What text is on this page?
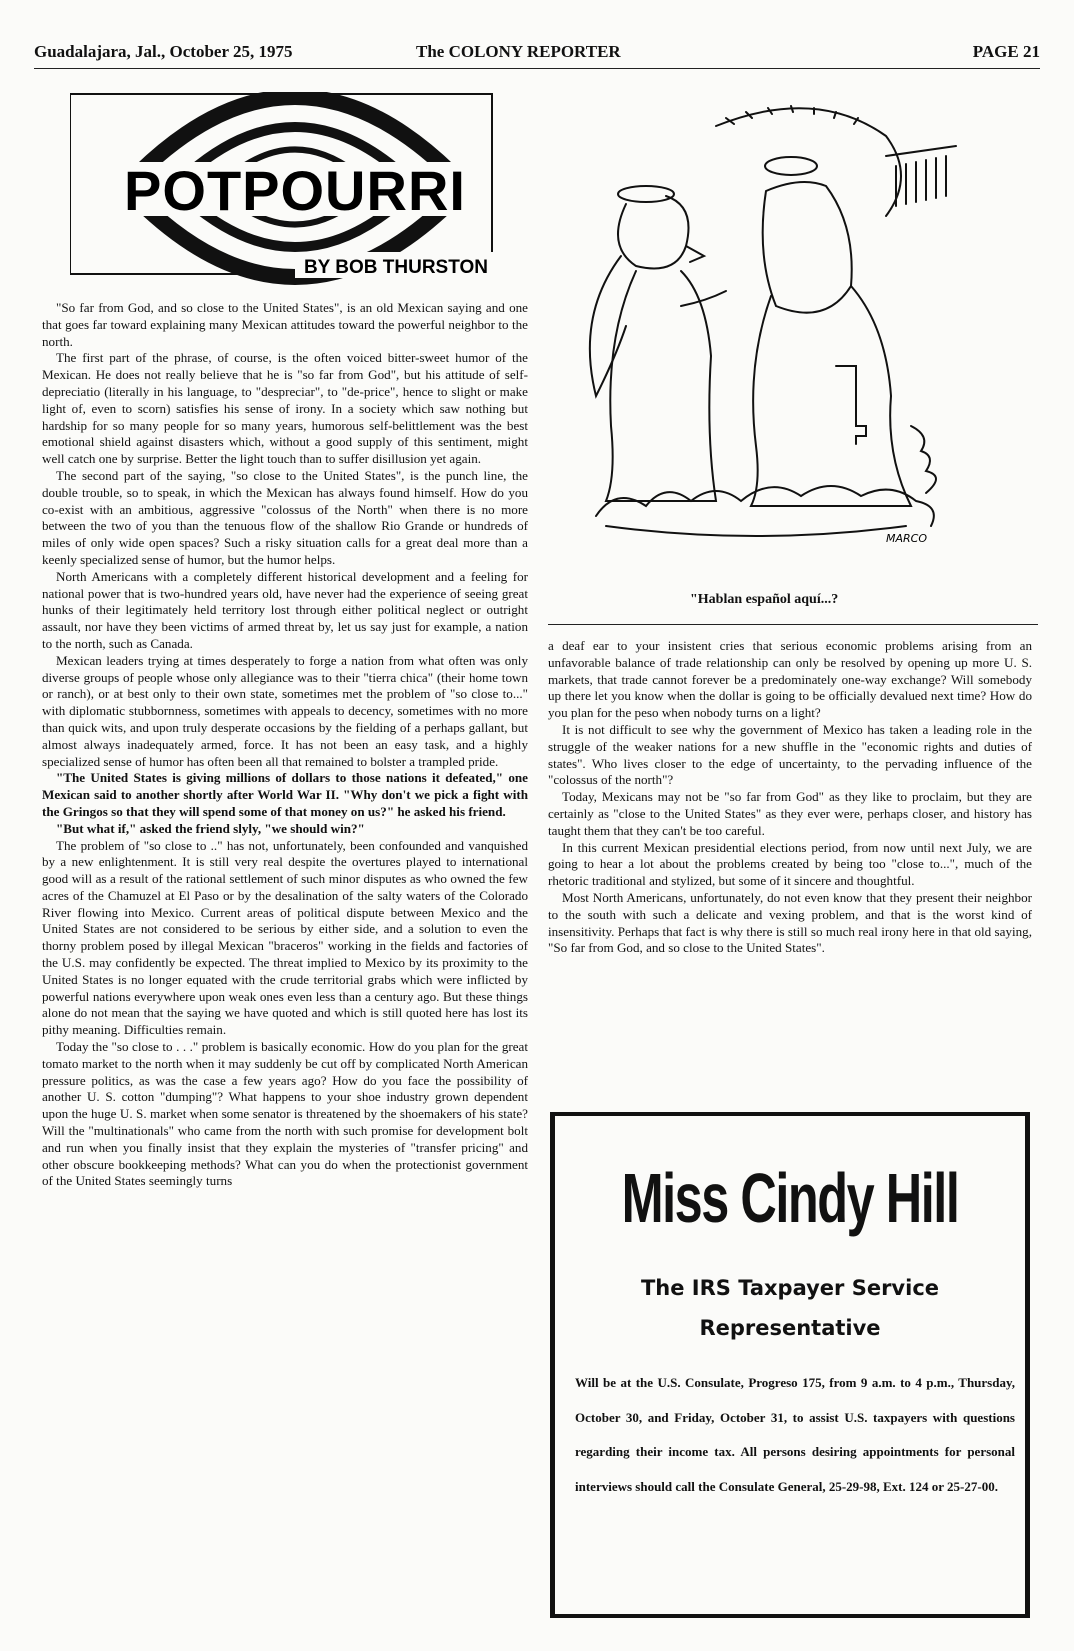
Guadalajara, Jal., October 25, 1975	The COLONY REPORTER	PAGE 21
POTPOURRI
BY BOB THURSTON

"So far from God, and so close to the United States", is an old Mexican saying and one that goes far toward explaining many Mexican attitudes toward the powerful neighbor to the north.

The first part of the phrase, of course, is the often voiced bitter-sweet humor of the Mexican. He does not really believe that he is "so far from God", but his attitude of self-depreciatio (literally in his language, to "despreciar", to "de-price", hence to slight or make light of, even to scorn) satisfies his sense of irony. In a society which saw nothing but hardship for so many people for so many years, humorous self-belittlement was the best emotional shield against disasters which, without a good supply of this sentiment, might well catch one by surprise. Better the light touch than to suffer disillusion yet again.

The second part of the saying, "so close to the United States", is the punch line, the double trouble, so to speak, in which the Mexican has always found himself. How do you co-exist with an ambitious, aggressive "colossus of the North" when there is no more between the two of you than the tenuous flow of the shallow Rio Grande or hundreds of miles of only wide open spaces? Such a risky situation calls for a great deal more than a keenly specialized sense of humor, but the humor helps.

North Americans with a completely different historical development and a feeling for national power that is two-hundred years old, have never had the experience of seeing great hunks of their legitimately held territory lost through either political neglect or outright assault, nor have they been victims of armed threat by, let us say just for example, a nation to the north, such as Canada.

Mexican leaders trying at times desperately to forge a nation from what often was only diverse groups of people whose only allegiance was to their "tierra chica" (their home town or ranch), or at best only to their own state, sometimes met the problem of "so close to..." with diplomatic stubbornness, sometimes with appeals to decency, sometimes with no more than quick wits, and upon truly desperate occasions by the fielding of a perhaps gallant, but almost always inadequately armed, force. It has not been an easy task, and a highly specialized sense of humor has often been all that remained to bolster a trampled pride.

"The United States is giving millions of dollars to those nations it defeated," one Mexican said to another shortly after World War II. "Why don't we pick a fight with the Gringos so that they will spend some of that money on us?" he asked his friend.

"But what if," asked the friend slyly, "we should win?"

The problem of "so close to .." has not, unfortunately, been confounded and vanquished by a new enlightenment. It is still very real despite the overtures played to international good will as a result of the rational settlement of such minor disputes as who owned the few acres of the Chamuzel at El Paso or by the desalination of the salty waters of the Colorado River flowing into Mexico. Current areas of political dispute between Mexico and the United States are not considered to be serious by either side, and a solution to even the thorny problem posed by illegal Mexican "braceros" working in the fields and factories of the U.S. may confidently be expected. The threat implied to Mexico by its proximity to the United States is no longer equated with the crude territorial grabs which were inflicted by powerful nations everywhere upon weak ones even less than a century ago. But these things alone do not mean that the saying we have quoted and which is still quoted here has lost its pithy meaning. Difficulties remain.

Today the "so close to . . ." problem is basically economic. How do you plan for the great tomato market to the north when it may suddenly be cut off by complicated North American pressure politics, as was the case a few years ago? How do you face the possibility of another U. S. cotton "dumping"? What happens to your shoe industry grown dependent upon the huge U. S. market when some senator is threatened by the shoemakers of his state? Will the "multinationals" who came from the north with such promise for development bolt and run when you finally insist that they explain the mysteries of "transfer pricing" and other obscure bookkeeping methods? What can you do when the protectionist government of the United States seemingly turns

MARCO
"Hablan español aquí...?

a deaf ear to your insistent cries that serious economic problems arising from an unfavorable balance of trade relationship can only be resolved by opening up more U. S. markets, that trade cannot forever be a predominately one-way exchange? Will somebody up there let you know when the dollar is going to be officially devalued next time? How do you plan for the peso when nobody turns on a light?

It is not difficult to see why the government of Mexico has taken a leading role in the struggle of the weaker nations for a new shuffle in the "economic rights and duties of states". Who lives closer to the edge of uncertainty, to the pervading influence of the "colossus of the north"?

Today, Mexicans may not be "so far from God" as they like to proclaim, but they are certainly as "close to the United States" as they ever were, perhaps closer, and history has taught them that they can't be too careful.

In this current Mexican presidential elections period, from now until next July, we are going to hear a lot about the problems created by being too "close to...", much of the rhetoric traditional and stylized, but some of it sincere and thoughtful.

Most North Americans, unfortunately, do not even know that they present their neighbor to the south with such a delicate and vexing problem, and that is the worst kind of insensitivity. Perhaps that fact is why there is still so much real irony here in that old saying, "So far from God, and so close to the United States".

Miss Cindy Hill
The IRS Taxpayer Service
Representative
Will be at the U.S. Consulate, Progreso 175, from 9 a.m. to 4 p.m., Thursday, October 30, and Friday, October 31, to assist U.S. taxpayers with questions regarding their income tax. All persons desiring appointments for personal interviews should call the Consulate General, 25-29-98, Ext. 124 or 25-27-00.
